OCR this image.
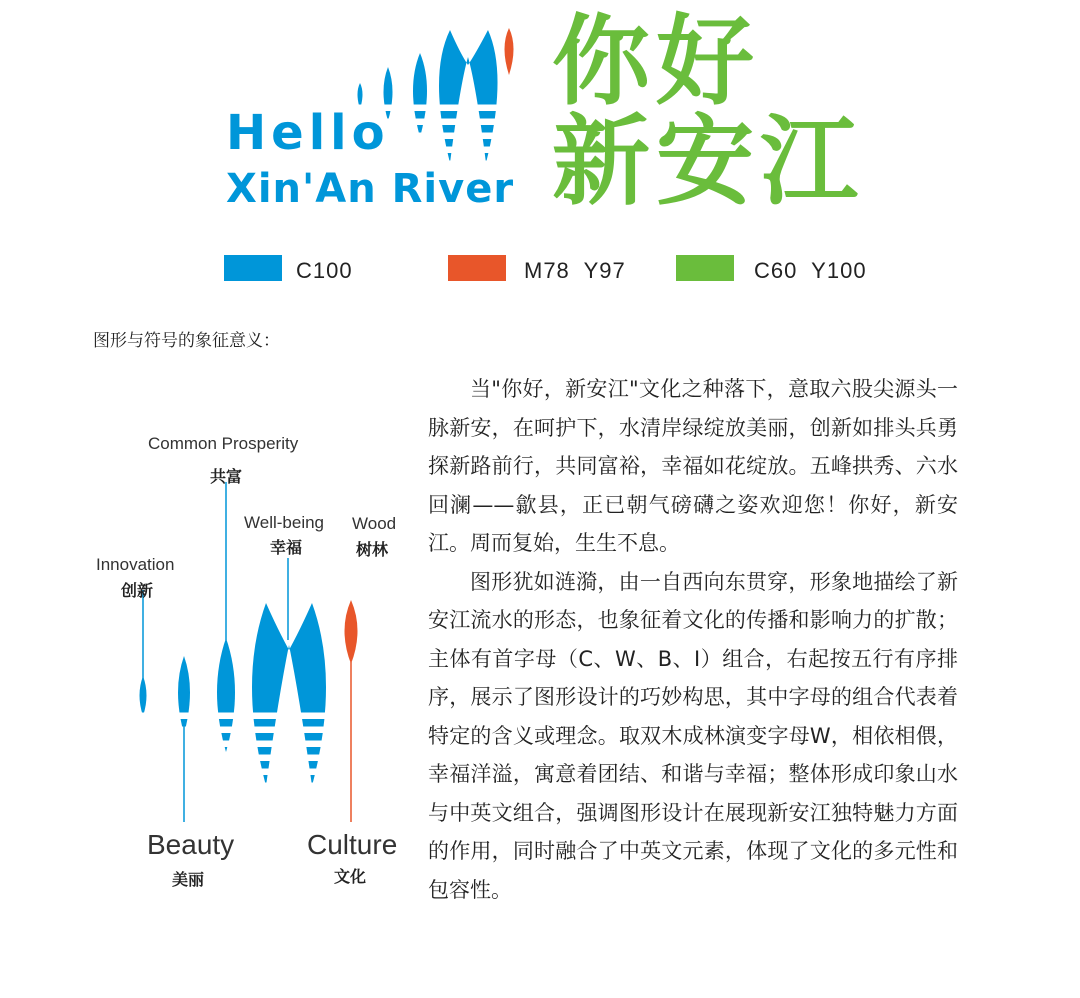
Hello
Xin'An River
你好
新安江
C100	M78  Y97	C60  Y100
图形与符号的象征意义：
Common Prosperity
共富
Well-being
幸福
Wood
树林
Innovation
创新
Beauty
美丽
Culture
文化

当"你好，新安江"文化之种落下，意取六股尖源头一脉新安，在呵护下，水清岸绿绽放美丽，创新如排头兵勇探新路前行，共同富裕，幸福如花绽放。五峰拱秀、六水回澜——歙县，正已朝气磅礴之姿欢迎您！你好，新安江。周而复始，生生不息。

图形犹如涟漪，由一自西向东贯穿，形象地描绘了新安江流水的形态，也象征着文化的传播和影响力的扩散；主体有首字母（C、W、B、I）组合，右起按五行有序排序，展示了图形设计的巧妙构思，其中字母的组合代表着特定的含义或理念。取双木成林演变字母W，相依相偎，幸福洋溢，寓意着团结、和谐与幸福；整体形成印象山水与中英文组合，强调图形设计在展现新安江独特魅力方面的作用，同时融合了中英文元素，体现了文化的多元性和包容性。
